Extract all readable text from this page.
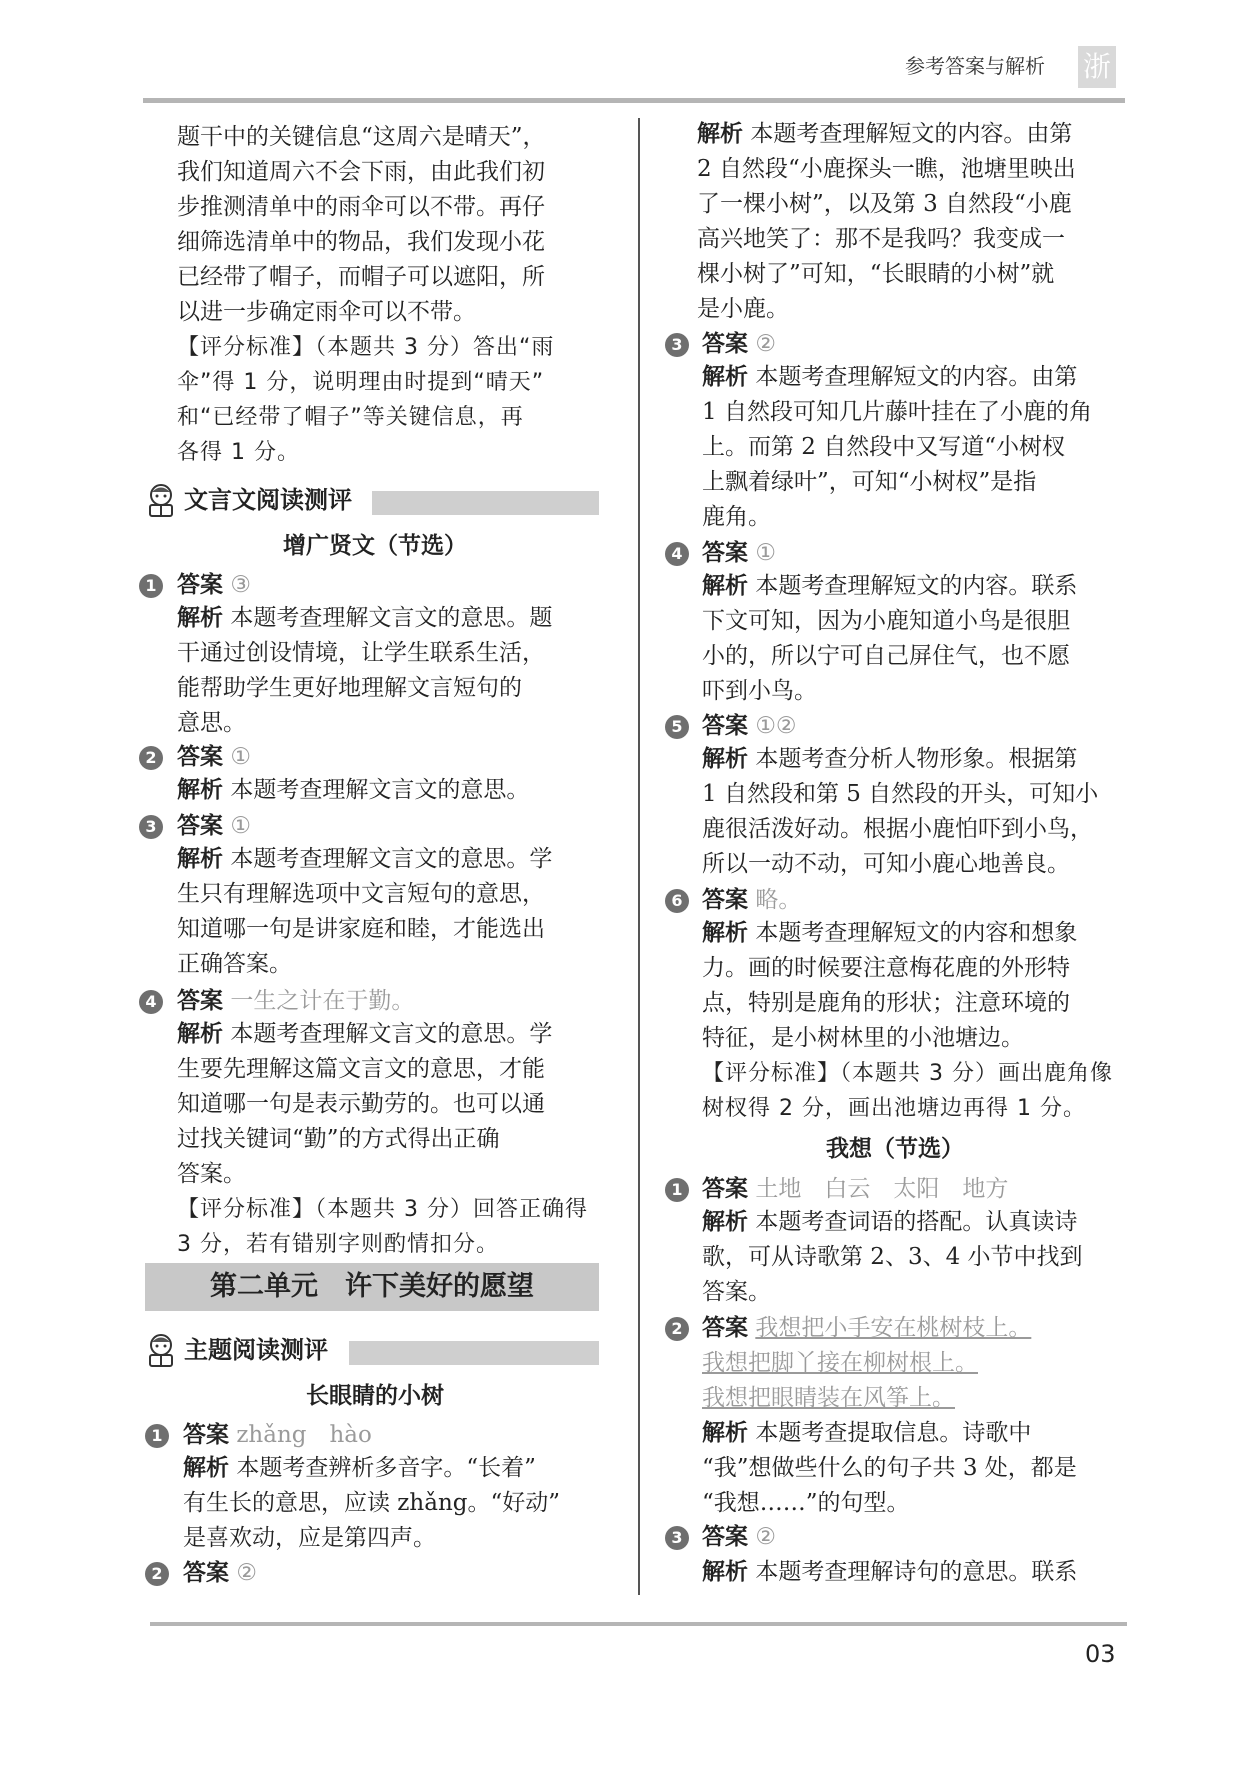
参考答案与解析 浙
题干中的关键信息“这周六是晴天”，
我们知道周六不会下雨，由此我们初
步推测清单中的雨伞可以不带。再仔
细筛选清单中的物品，我们发现小花
已经带了帽子，而帽子可以遮阳，所
以进一步确定雨伞可以不带。
【评分标准】（本题共 3 分）答出“雨
伞”得 1 分，说明理由时提到“晴天”
和“已经带了帽子”等关键信息，再
各得 1 分。
文言文阅读测评
增广贤文（节选）
1 答案 ③
解析 本题考查理解文言文的意思。题
干通过创设情境，让学生联系生活，
能帮助学生更好地理解文言短句的
意思。
2 答案 ①
解析 本题考查理解文言文的意思。
3 答案 ①
解析 本题考查理解文言文的意思。学
生只有理解选项中文言短句的意思，
知道哪一句是讲家庭和睦，才能选出
正确答案。
4 答案 一生之计在于勤。
解析 本题考查理解文言文的意思。学
生要先理解这篇文言文的意思，才能
知道哪一句是表示勤劳的。也可以通
过找关键词“勤”的方式得出正确
答案。
【评分标准】（本题共 3 分）回答正确得
3 分，若有错别字则酌情扣分。
第二单元　许下美好的愿望
主题阅读测评
长眼睛的小树
1 答案 zhǎng　hào
解析 本题考查辨析多音字。“长着”
有生长的意思，应读 zhǎng。“好动”
是喜欢动，应是第四声。
2 答案 ②
解析 本题考查理解短文的内容。由第
2 自然段“小鹿探头一瞧，池塘里映出
了一棵小树”，以及第 3 自然段“小鹿
高兴地笑了：那不是我吗？我变成一
棵小树了”可知，“长眼睛的小树”就
是小鹿。
3 答案 ②
解析 本题考查理解短文的内容。由第
1 自然段可知几片藤叶挂在了小鹿的角
上。而第 2 自然段中又写道“小树杈
上飘着绿叶”，可知“小树杈”是指
鹿角。
4 答案 ①
解析 本题考查理解短文的内容。联系
下文可知，因为小鹿知道小鸟是很胆
小的，所以宁可自己屏住气，也不愿
吓到小鸟。
5 答案 ①②
解析 本题考查分析人物形象。根据第
1 自然段和第 5 自然段的开头，可知小
鹿很活泼好动。根据小鹿怕吓到小鸟，
所以一动不动，可知小鹿心地善良。
6 答案 略。
解析 本题考查理解短文的内容和想象
力。画的时候要注意梅花鹿的外形特
点，特别是鹿角的形状；注意环境的
特征，是小树林里的小池塘边。
【评分标准】（本题共 3 分）画出鹿角像
树杈得 2 分，画出池塘边再得 1 分。
我想（节选）
1 答案 土地　白云　太阳　地方
解析 本题考查词语的搭配。认真读诗
歌，可从诗歌第 2、3、4 小节中找到
答案。
2 答案 我想把小手安在桃树枝上。
我想把脚丫接在柳树根上。
我想把眼睛装在风筝上。
解析 本题考查提取信息。诗歌中
“我”想做些什么的句子共 3 处，都是
“我想……”的句型。
3 答案 ②
解析 本题考查理解诗句的意思。联系
03
